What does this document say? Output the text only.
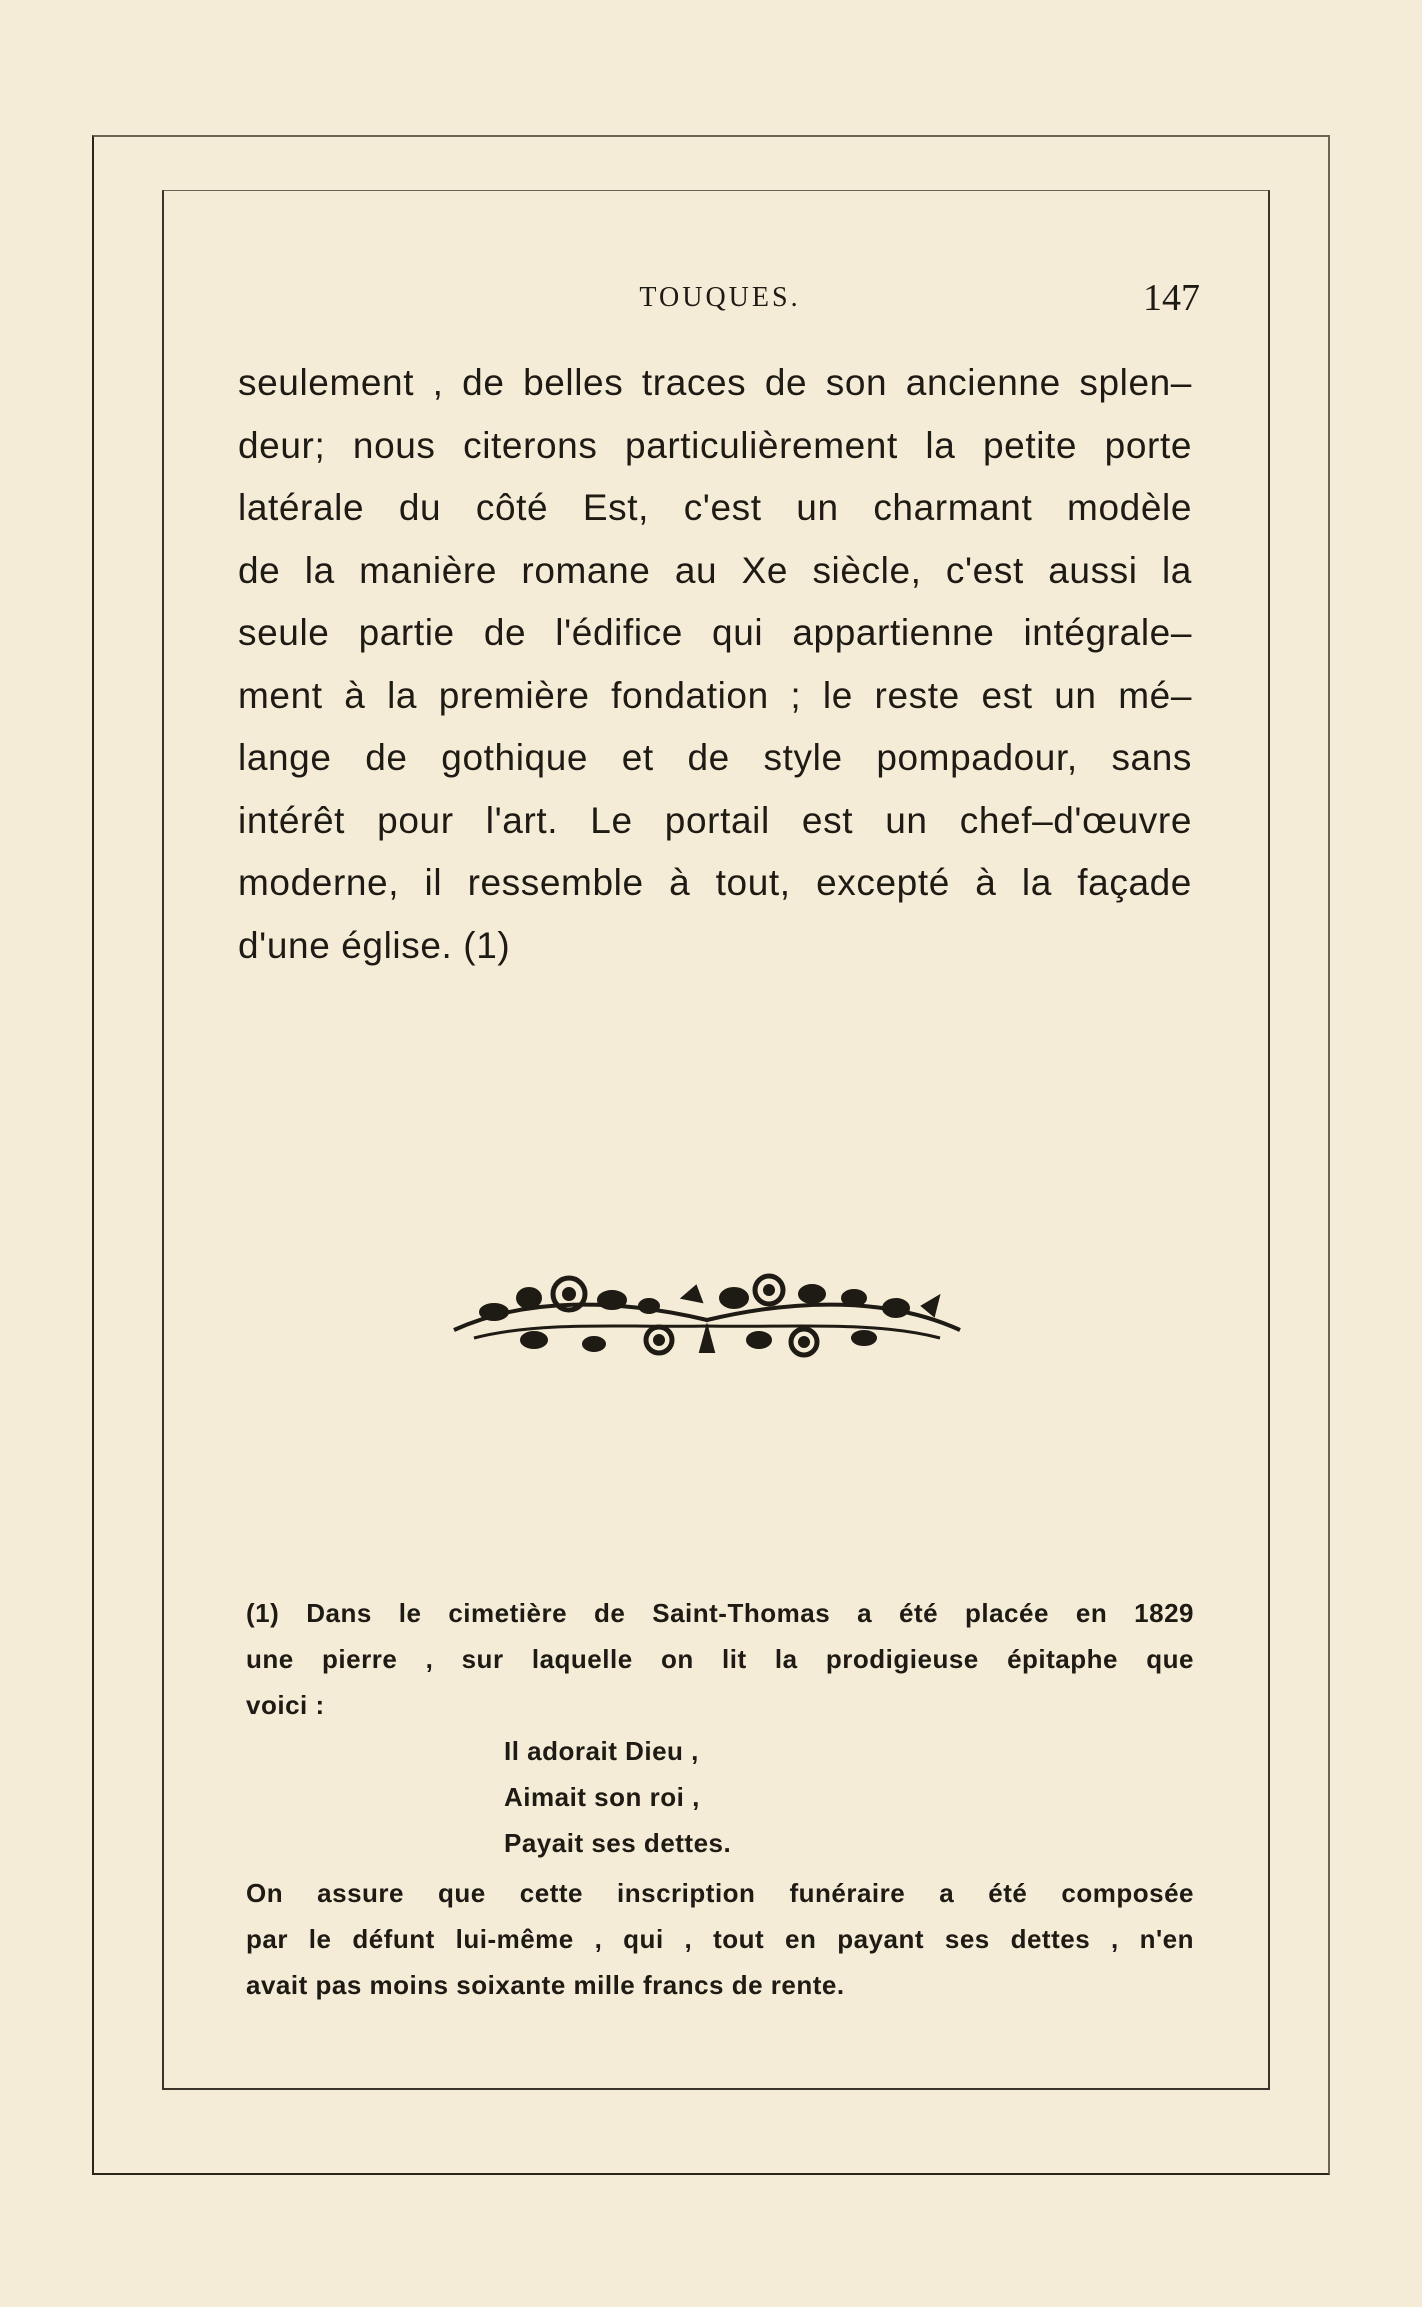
TOUQUES.	147
seulement , de belles traces de son ancienne splen–
deur; nous citerons particulièrement la petite porte
latérale du côté Est, c'est un charmant modèle
de la manière romane au Xe siècle, c'est aussi la
seule partie de l'édifice qui appartienne intégrale–
ment à la première fondation ; le reste est un mé–
lange de gothique et de style pompadour, sans
intérêt pour l'art. Le portail est un chef–d'œuvre
moderne, il ressemble à tout, excepté à la façade
d'une église. (1)
(1) Dans le cimetière de Saint-Thomas a été placée en 1829
une pierre , sur laquelle on lit la prodigieuse épitaphe que
voici :
Il adorait Dieu ,
Aimait son roi ,
Payait ses dettes.
On assure que cette inscription funéraire a été composée
par le défunt lui-même , qui , tout en payant ses dettes , n'en
avait pas moins soixante mille francs de rente.
